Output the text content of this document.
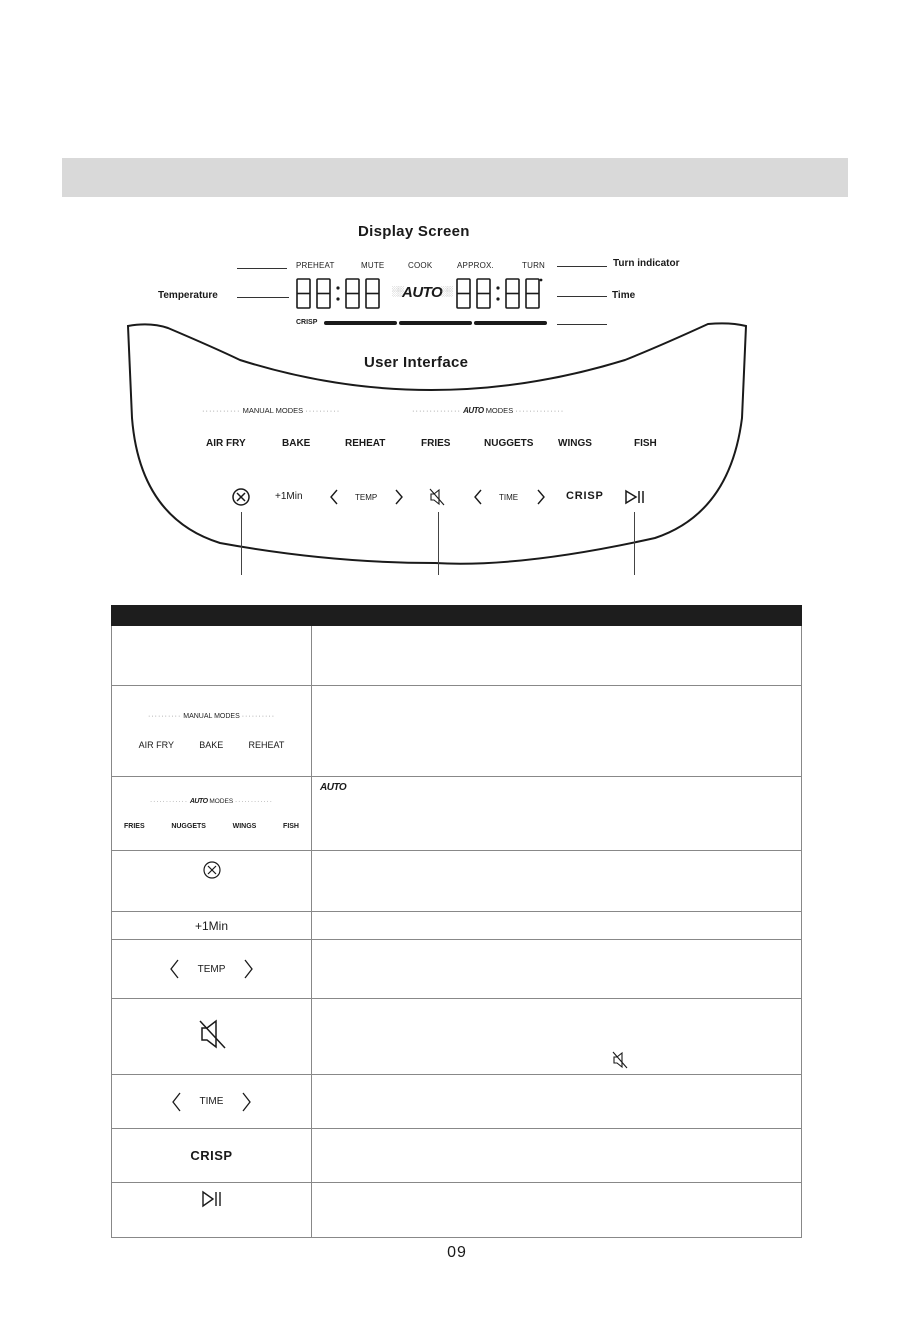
Display Screen
PREHEAT	MUTE	COOK	APPROX.	TURN	Turn indicator
Temperature	Time
░░ AUTO
░░
CRISP
User Interface
··········· MANUAL MODES ··········	·············· AUTO MODES ··············
AIR FRY	BAKE	REHEAT	FRIES	NUGGETS WINGS	FISH
+1Min	TEMP	TIME	CRISP

·········· MANUAL MODES ··········
AIR FRY BAKE REHEAT	

············ AUTO MODES ············
FRIES NUGGETS WINGS FISH	AUTO

+1Min	

TEMP	

TIME	

CRISP	

09
